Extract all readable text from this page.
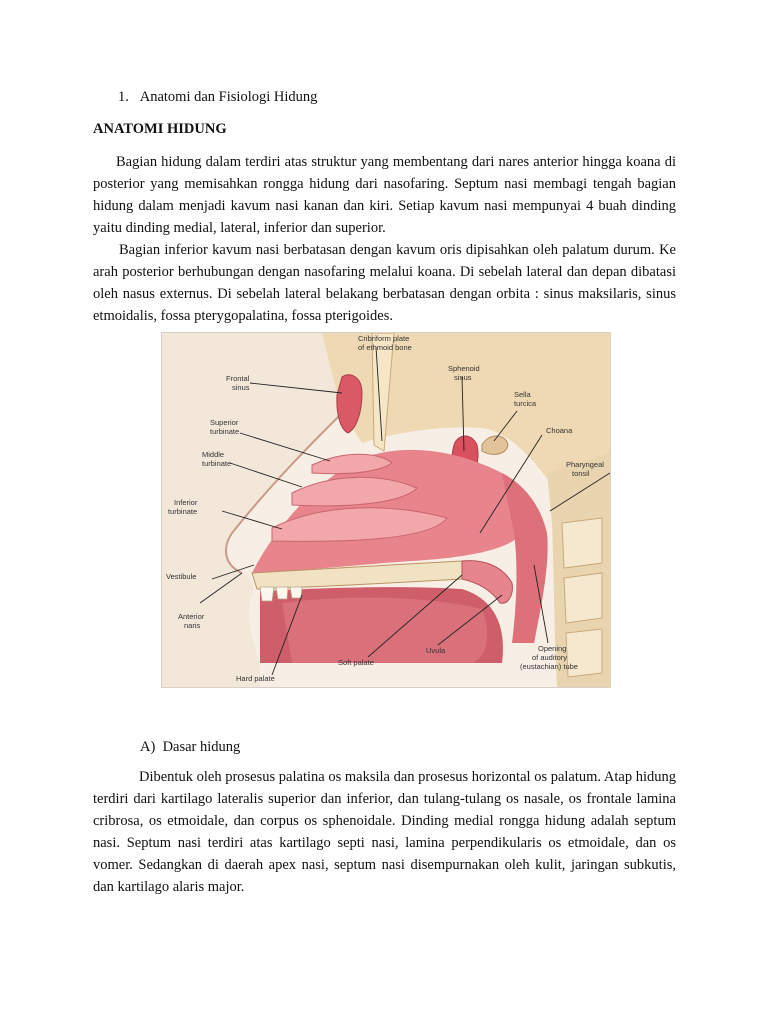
1. Anatomi dan Fisiologi Hidung
ANATOMI HIDUNG

Bagian hidung dalam terdiri atas struktur yang membentang dari nares anterior hingga koana di posterior yang memisahkan rongga hidung dari nasofaring. Septum nasi membagi tengah bagian hidung dalam menjadi kavum nasi kanan dan kiri. Setiap kavum nasi mempunyai 4 buah dinding yaitu dinding medial, lateral, inferior dan superior.

Bagian inferior kavum nasi berbatasan dengan kavum oris dipisahkan oleh palatum durum. Ke arah posterior berhubungan dengan nasofaring melalui koana. Di sebelah lateral dan depan dibatasi oleh nasus externus. Di sebelah lateral belakang berbatasan dengan orbita : sinus maksilaris, sinus etmoidalis, fossa pterygopalatina, fossa pterigoides.

Cribriform plate of ethmoid bone
Frontal sinus
Sphenoid sinus
Sella turcica
Superior turbinate	Choana
Middle turbinate	Pharyngeal tonsil
Inferior turbinate
Vestibule
Anterior naris
Hard palate
Soft palate
Uvula	Opening of auditory (eustachian) tube
A) Dasar hidung

Dibentuk oleh prosesus palatina os maksila dan prosesus horizontal os palatum. Atap hidung terdiri dari kartilago lateralis superior dan inferior, dan tulang-tulang os nasale, os frontale lamina cribrosa, os etmoidale, dan corpus os sphenoidale. Dinding medial rongga hidung adalah septum nasi. Septum nasi terdiri atas kartilago septi nasi, lamina perpendikularis os etmoidale, dan os vomer. Sedangkan di daerah apex nasi, septum nasi disempurnakan oleh kulit, jaringan subkutis, dan kartilago alaris major.
